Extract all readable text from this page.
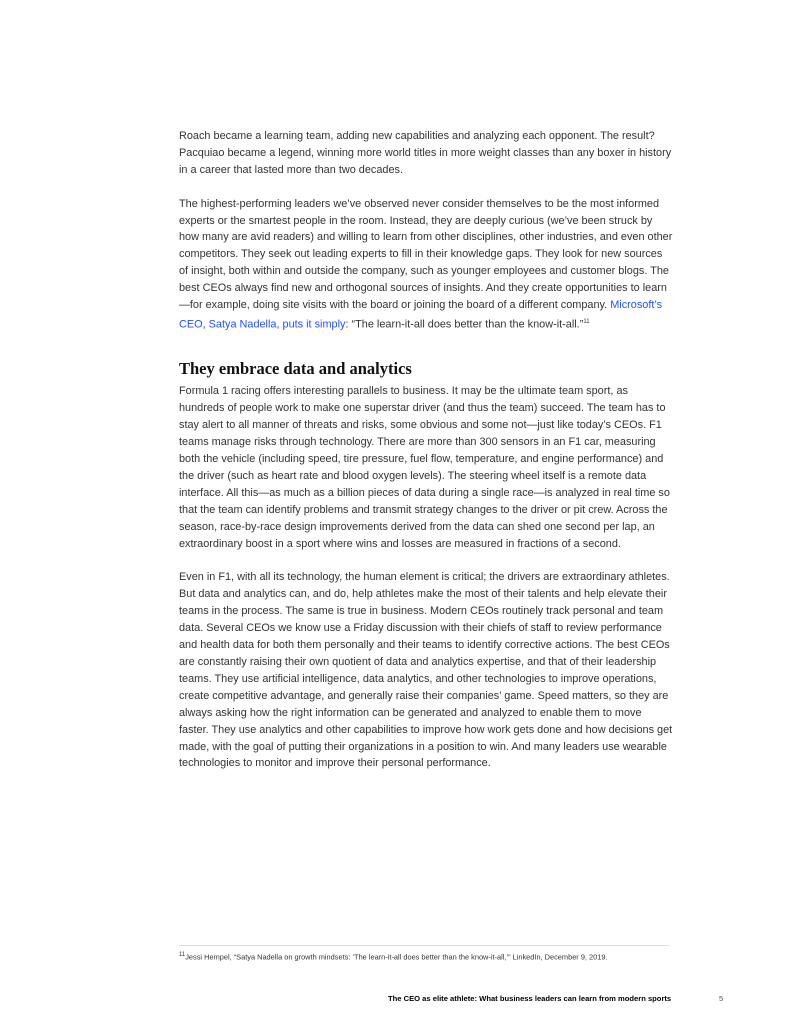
Roach became a learning team, adding new capabilities and analyzing each opponent. The result? Pacquiao became a legend, winning more world titles in more weight classes than any boxer in history in a career that lasted more than two decades.

The highest-performing leaders we’ve observed never consider themselves to be the most informed experts or the smartest people in the room. Instead, they are deeply curious (we’ve been struck by how many are avid readers) and willing to learn from other disciplines, other industries, and even other competitors. They seek out leading experts to fill in their knowledge gaps. They look for new sources of insight, both within and outside the company, such as younger employees and customer blogs. The best CEOs always find new and orthogonal sources of insights. And they create opportunities to learn—for example, doing site visits with the board or joining the board of a different company. Microsoft’s CEO, Satya Nadella, puts it simply: “The learn-it-all does better than the know-it-all.”$^{11}$

They embrace data and analytics

Formula 1 racing offers interesting parallels to business. It may be the ultimate team sport, as hundreds of people work to make one superstar driver (and thus the team) succeed. The team has to stay alert to all manner of threats and risks, some obvious and some not—just like today’s CEOs. F1 teams manage risks through technology. There are more than 300 sensors in an F1 car, measuring both the vehicle (including speed, tire pressure, fuel flow, temperature, and engine performance) and the driver (such as heart rate and blood oxygen levels). The steering wheel itself is a remote data interface. All this—as much as a billion pieces of data during a single race—is analyzed in real time so that the team can identify problems and transmit strategy changes to the driver or pit crew. Across the season, race-by-race design improvements derived from the data can shed one second per lap, an extraordinary boost in a sport where wins and losses are measured in fractions of a second.

Even in F1, with all its technology, the human element is critical; the drivers are extraordinary athletes. But data and analytics can, and do, help athletes make the most of their talents and help elevate their teams in the process. The same is true in business. Modern CEOs routinely track personal and team data. Several CEOs we know use a Friday discussion with their chiefs of staff to review performance and health data for both them personally and their teams to identify corrective actions. The best CEOs are constantly raising their own quotient of data and analytics expertise, and that of their leadership teams. They use artificial intelligence, data analytics, and other technologies to improve operations, create competitive advantage, and generally raise their companies’ game. Speed matters, so they are always asking how the right information can be generated and analyzed to enable them to move faster. They use analytics and other capabilities to improve how work gets done and how decisions get made, with the goal of putting their organizations in a position to win. And many leaders use wearable technologies to monitor and improve their personal performance.

$^{11}$Jessi Hempel, “Satya Nadella on growth mindsets: ‘The learn-it-all does better than the know-it-all,’” LinkedIn, December 9, 2019.
The CEO as elite athlete: What business leaders can learn from modern sports	5
